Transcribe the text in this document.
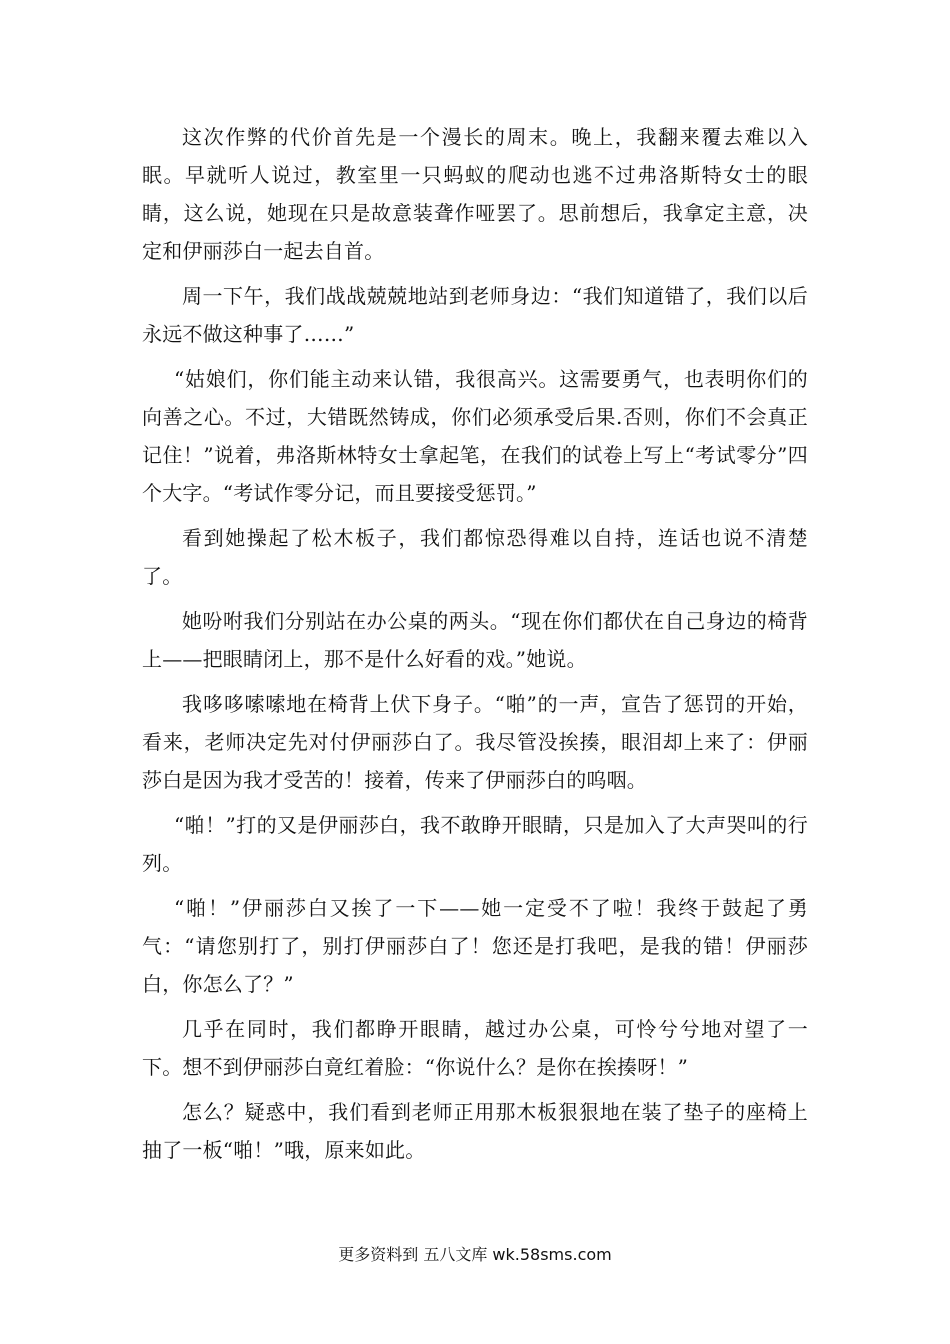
这次作弊的代价首先是一个漫长的周末。晚上，我翻来覆去难以入眠。早就听人说过，教室里一只蚂蚁的爬动也逃不过弗洛斯特女士的眼睛，这么说，她现在只是故意装聋作哑罢了。思前想后，我拿定主意，决定和伊丽莎白一起去自首。

周一下午，我们战战兢兢地站到老师身边：“我们知道错了，我们以后永远不做这种事了……”

“姑娘们，你们能主动来认错，我很高兴。这需要勇气，也表明你们的向善之心。不过，大错既然铸成，你们必须承受后果.否则，你们不会真正记住！”说着，弗洛斯林特女士拿起笔，在我们的试卷上写上“考试零分”四个大字。“考试作零分记，而且要接受惩罚。”

看到她操起了松木板子，我们都惊恐得难以自持，连话也说不清楚了。

她吩咐我们分别站在办公桌的两头。“现在你们都伏在自己身边的椅背上——把眼睛闭上，那不是什么好看的戏。”她说。

我哆哆嗦嗦地在椅背上伏下身子。“啪”的一声，宣告了惩罚的开始，看来，老师决定先对付伊丽莎白了。我尽管没挨揍，眼泪却上来了：伊丽莎白是因为我才受苦的！接着，传来了伊丽莎白的呜咽。

“啪！”打的又是伊丽莎白，我不敢睁开眼睛，只是加入了大声哭叫的行列。

“啪！”伊丽莎白又挨了一下——她一定受不了啦！我终于鼓起了勇气：“请您别打了，别打伊丽莎白了！您还是打我吧，是我的错！伊丽莎白，你怎么了？”

几乎在同时，我们都睁开眼睛，越过办公桌，可怜兮兮地对望了一下。想不到伊丽莎白竟红着脸：“你说什么？是你在挨揍呀！”

怎么？疑惑中，我们看到老师正用那木板狠狠地在装了垫子的座椅上抽了一板“啪！”哦，原来如此。

更多资料到 五八文库 wk.58sms.com
